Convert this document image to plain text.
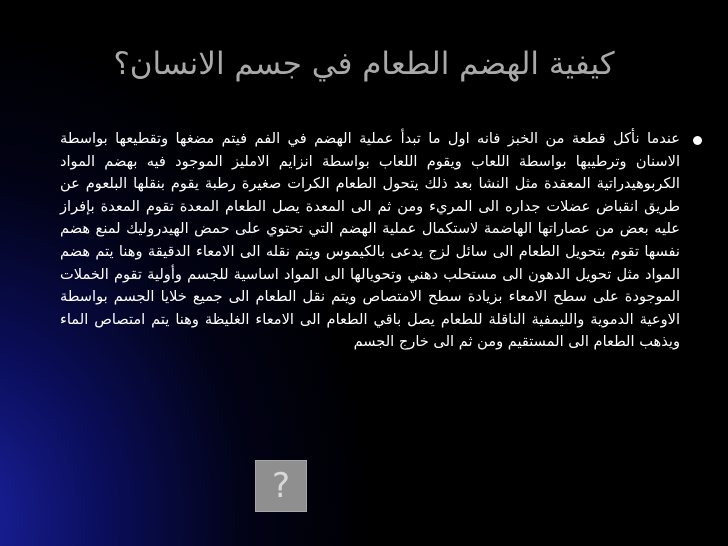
كيفية الهضم الطعام في جسم الانسان؟

عندما نأكل قطعة من الخبز فانه اول ما تبدأ عملية الهضم في الفم فيتم مضغها وتقطيعها بواسطة الاسنان وترطيبها بواسطة اللعاب ويقوم اللعاب بواسطة انزايم الامليز الموجود فيه بهضم المواد الكربوهيدراتية المعقدة مثل النشا بعد ذلك يتحول الطعام الكرات صغيرة رطبة يقوم بنقلها البلعوم عن طريق انقباض عضلات جداره الى المريء ومن ثم الى المعدة يصل الطعام المعدة تقوم المعدة بإفراز عليه بعض من عصاراتها الهاضمة لاستكمال عملية الهضم التي تحتوي على حمض الهيدروليك لمنع هضم نفسها تقوم بتحويل الطعام الى سائل لزج يدعى بالكيموس ويتم نقله الى الامعاء الدقيقة وهنا يتم هضم المواد مثل تحويل الدهون الى مستحلب دهني وتحويالها الى المواد اساسية للجسم وأولية تقوم الخملات الموجودة على سطح الامعاء بزيادة سطح الامتصاص ويتم نقل الطعام الى جميع خلايا الجسم بواسطة الاوعية الدموية والليمفية الناقلة للطعام يصل باقي الطعام الى الامعاء الغليظة وهنا يتم امتصاص الماء ويذهب الطعام الى المستقيم ومن ثم الى خارج الجسم

?
